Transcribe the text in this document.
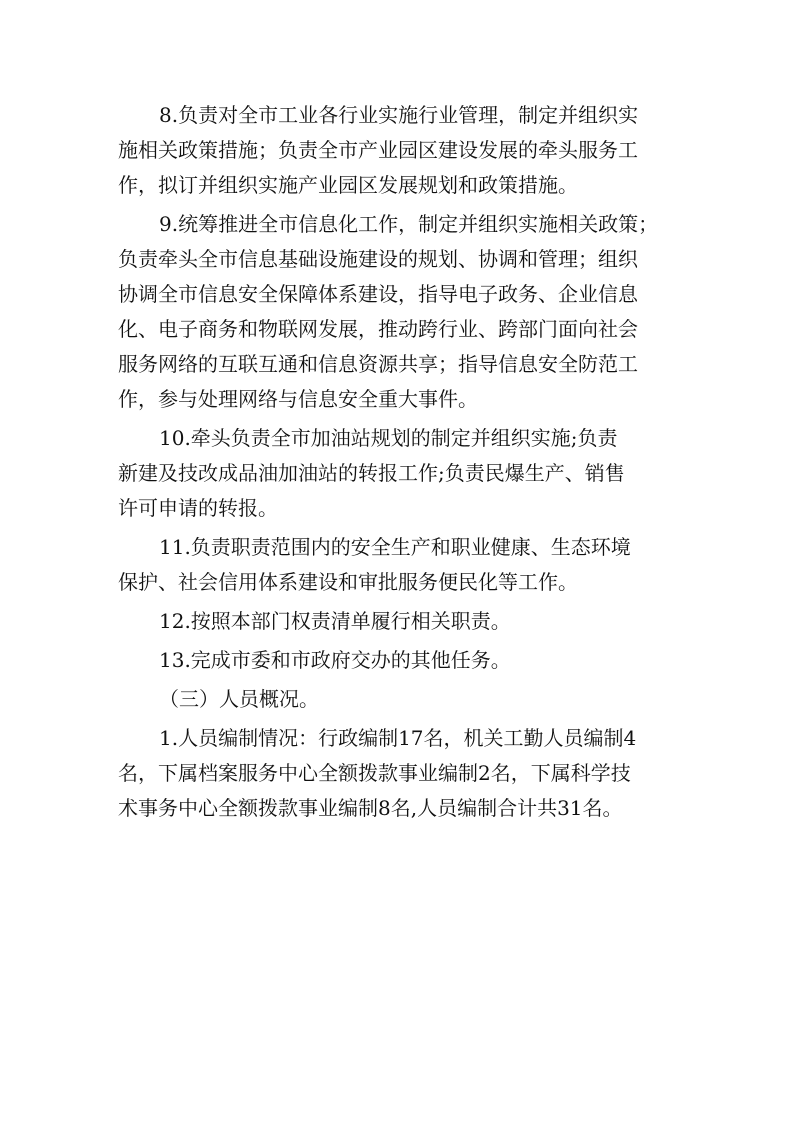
8.负责对全市工业各行业实施行业管理，制定并组织实
施相关政策措施；负责全市产业园区建设发展的牵头服务工
作，拟订并组织实施产业园区发展规划和政策措施。
9.统筹推进全市信息化工作，制定并组织实施相关政策；
负责牵头全市信息基础设施建设的规划、协调和管理；组织
协调全市信息安全保障体系建设，指导电子政务、企业信息
化、电子商务和物联网发展，推动跨行业、跨部门面向社会
服务网络的互联互通和信息资源共享；指导信息安全防范工
作，参与处理网络与信息安全重大事件。
10.牵头负责全市加油站规划的制定并组织实施;负责
新建及技改成品油加油站的转报工作;负责民爆生产、销售
许可申请的转报。
11.负责职责范围内的安全生产和职业健康、生态环境
保护、社会信用体系建设和审批服务便民化等工作。
12.按照本部门权责清单履行相关职责。
13.完成市委和市政府交办的其他任务。
（三）人员概况。
1.人员编制情况：行政编制17名，机关工勤人员编制4
名，下属档案服务中心全额拨款事业编制2名，下属科学技
术事务中心全额拨款事业编制8名,人员编制合计共31名。
